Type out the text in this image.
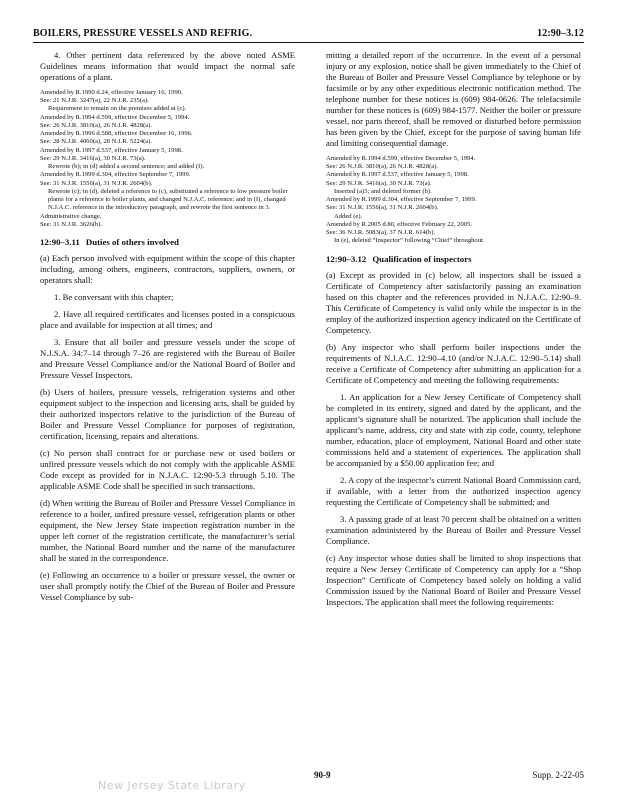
BOILERS, PRESSURE VESSELS AND REFRIG.	12:90–3.12

4. Other pertinent data referenced by the above noted ASME Guidelines means information that would impact the normal safe operations of a plant.

Amended by R.1990 d.24, effective January 16, 1990.
See: 21 N.J.R. 3247(a), 22 N.J.R. 235(a).
Requirement to remain on the premises added at (c).
Amended by R.1994 d.599, effective December 5, 1994.
See: 26 N.J.R. 3810(a), 26 N.J.R. 4828(a).
Amended by R.1996 d.588, effective December 16, 1996.
See: 28 N.J.R. 4060(a), 28 N.J.R. 5224(a).
Amended by R.1997 d.537, effective January 5, 1998.
See: 29 N.J.R. 3416(a), 30 N.J.R. 73(a).
Rewrote (b); in (d) added a second sentence; and added (f).
Amended by R.1999 d.304, effective September 7, 1999.
See: 31 N.J.R. 1556(a), 31 N.J.R. 2604(b).
Rewrote (c); in (d), deleted a reference to (c), substituted a reference to low pressure boiler plants for a reference to boiler plants, and changed N.J.A.C. reference; and in (f), changed N.J.A.C. reference in the introductory paragraph, and rewrote the first sentence in 3.
Administrative change.
See: 31 N.J.R. 3626(b).
12:90–3.11 Duties of others involved

(a) Each person involved with equipment within the scope of this chapter including, among others, engineers, contractors, suppliers, owners, or operators shall:

1. Be conversant with this chapter;

2. Have all required certificates and licenses posted in a conspicuous place and available for inspection at all times; and

3. Ensure that all boiler and pressure vessels under the scope of N.J.S.A. 34:7–14 through 7–26 are registered with the Bureau of Boiler and Pressure Vessel Compliance and/or the National Board of Boiler and Pressure Vessel Inspectors.

(b) Users of boilers, pressure vessels, refrigeration systems and other equipment subject to the inspection and licensing acts, shall be guided by their authorized inspectors relative to the jurisdiction of the Bureau of Boiler and Pressure Vessel Compliance for purposes of registration, certification, licensing, repairs and alterations.

(c) No person shall contract for or purchase new or used boilers or unfired pressure vessels which do not comply with the applicable ASME Code except as provided for in N.J.A.C. 12:90-5.3 through 5.10. The applicable ASME Code shall be specified in such transactions.

(d) When writing the Bureau of Boiler and Pressure Vessel Compliance in reference to a boiler, unfired pressure vessel, refrigeration plants or other equipment, the New Jersey State inspection registration number in the upper left corner of the registration certificate, the manufacturer’s serial number, the National Board number and the name of the manufacturer shall be stated in the correspondence.

(e) Following an occurrence to a boiler or pressure vessel, the owner or user shall promptly notify the Chief of the Bureau of Boiler and Pressure Vessel Compliance by sub-

mitting a detailed report of the occurrence. In the event of a personal injury or any explosion, notice shall be given immediately to the Chief of the Bureau of Boiler and Pressure Vessel Compliance by telephone or by facsimile or by any other expeditious electronic notification method. The telephone number for these notices is (609) 984-0626. The telefacsimile number for these notices is (609) 984-1577. Neither the boiler or pressure vessel, nor parts thereof, shall be removed or disturbed before permission has been given by the Chief, except for the purpose of saving human life and limiting consequential damage.

Amended by R.1994 d.599, effective December 5, 1994.
See: 26 N.J.R. 3810(a), 26 N.J.R. 4828(a).
Amended by R.1997 d.537, effective January 5, 1998.
See: 29 N.J.R. 3416(a), 30 N.J.R. 73(a).
Inserted (a)3; and deleted former (b).
Amended by R.1999 d.304, effective September 7, 1999.
See: 31 N.J.R. 1556(a), 31 N.J.R. 2604(b).
Added (e).
Amended by R.2005 d.80, effective February 22, 2005.
See: 36 N.J.R. 5083(a), 37 N.J.R. 614(b).
In (e), deleted “Inspector” following “Chief” throughout.
12:90–3.12 Qualification of inspectors

(a) Except as provided in (c) below, all inspectors shall be issued a Certificate of Competency after satisfactorily passing an examination based on this chapter and the references provided in N.J.A.C. 12:90–9. This Certificate of Competency is valid only while the inspector is in the employ of the authorized inspection agency indicated on the Certificate of Competency.

(b) Any inspector who shall perform boiler inspections under the requirements of N.J.A.C. 12:90–4.10 (and/or N.J.A.C. 12:90–5.14) shall receive a Certificate of Competency after submitting an application for a Certificate of Competency and meeting the following requirements:

1. An application for a New Jersey Certificate of Competency shall be completed in its entirety, signed and dated by the applicant, and the applicant’s signature shall be notarized. The application shall include the applicant’s name, address, city and state with zip code, county, telephone number, education, place of employment, National Board and other state commissions held and a statement of experiences. The application shall be accompanied by a $50.00 application fee; and

2. A copy of the inspector’s current National Board Commission card, if available, with a letter from the authorized inspection agency requesting the Certificate of Competency shall be submitted; and

3. A passing grade of at least 70 percent shall be obtained on a written examination administered by the Bureau of Boiler and Pressure Vessel Compliance.

(c) Any inspector whose duties shall be limited to shop inspections that require a New Jersey Certificate of Competency can apply for a “Shop Inspection” Certificate of Competency based solely on holding a valid Commission issued by the National Board of Boiler and Pressure Vessel Inspectors. The application shall meet the following requirements:

90-9	Supp. 2-22-05
New Jersey State Library
